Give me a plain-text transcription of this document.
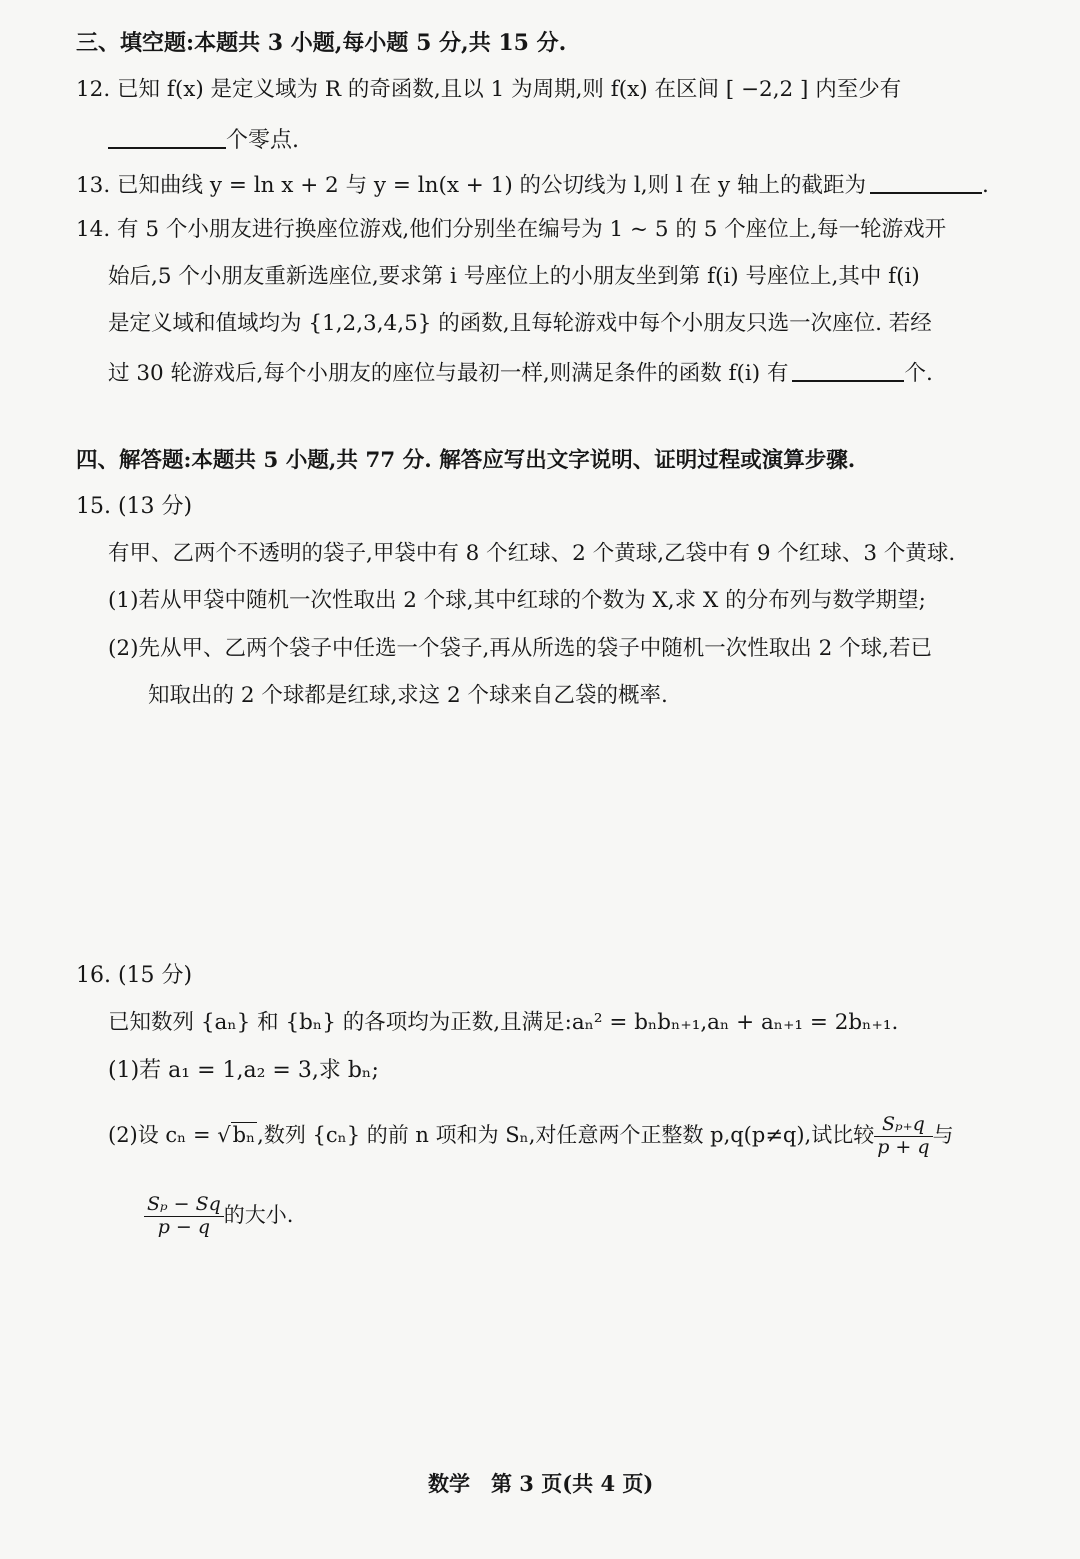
三、填空题:本题共 3 小题,每小题 5 分,共 15 分.
12. 已知 f(x) 是定义域为 R 的奇函数,且以 1 为周期,则 f(x) 在区间 [ −2,2 ] 内至少有
个零点.
13. 已知曲线 y = ln x + 2 与 y = ln(x + 1) 的公切线为 l,则 l 在 y 轴上的截距为	.
14. 有 5 个小朋友进行换座位游戏,他们分别坐在编号为 1 ~ 5 的 5 个座位上,每一轮游戏开
始后,5 个小朋友重新选座位,要求第 i 号座位上的小朋友坐到第 f(i) 号座位上,其中 f(i)
是定义域和值域均为 {1,2,3,4,5} 的函数,且每轮游戏中每个小朋友只选一次座位. 若经
过 30 轮游戏后,每个小朋友的座位与最初一样,则满足条件的函数 f(i) 有	个.
四、解答题:本题共 5 小题,共 77 分. 解答应写出文字说明、证明过程或演算步骤.
15. (13 分)
有甲、乙两个不透明的袋子,甲袋中有 8 个红球、2 个黄球,乙袋中有 9 个红球、3 个黄球.
(1)若从甲袋中随机一次性取出 2 个球,其中红球的个数为 X,求 X 的分布列与数学期望;
(2)先从甲、乙两个袋子中任选一个袋子,再从所选的袋子中随机一次性取出 2 个球,若已
知取出的 2 个球都是红球,求这 2 个球来自乙袋的概率.
16. (15 分)
已知数列 {aₙ} 和 {bₙ} 的各项均为正数,且满足:aₙ² = bₙbₙ₊₁,aₙ + aₙ₊₁ = 2bₙ₊₁.
(1)若 a₁ = 1,a₂ = 3,求 bₙ;
(2)设 cₙ = √bₙ,数列 {cₙ} 的前 n 项和为 Sₙ,对任意两个正整数 p,q(p≠q),试比较 $\frac{\text{Sₚ₊q}}{p + q}$ 与
$\frac{\text{Sₚ − Sq}}{p - q}$ 的大小.
数学　第 3 页(共 4 页)
